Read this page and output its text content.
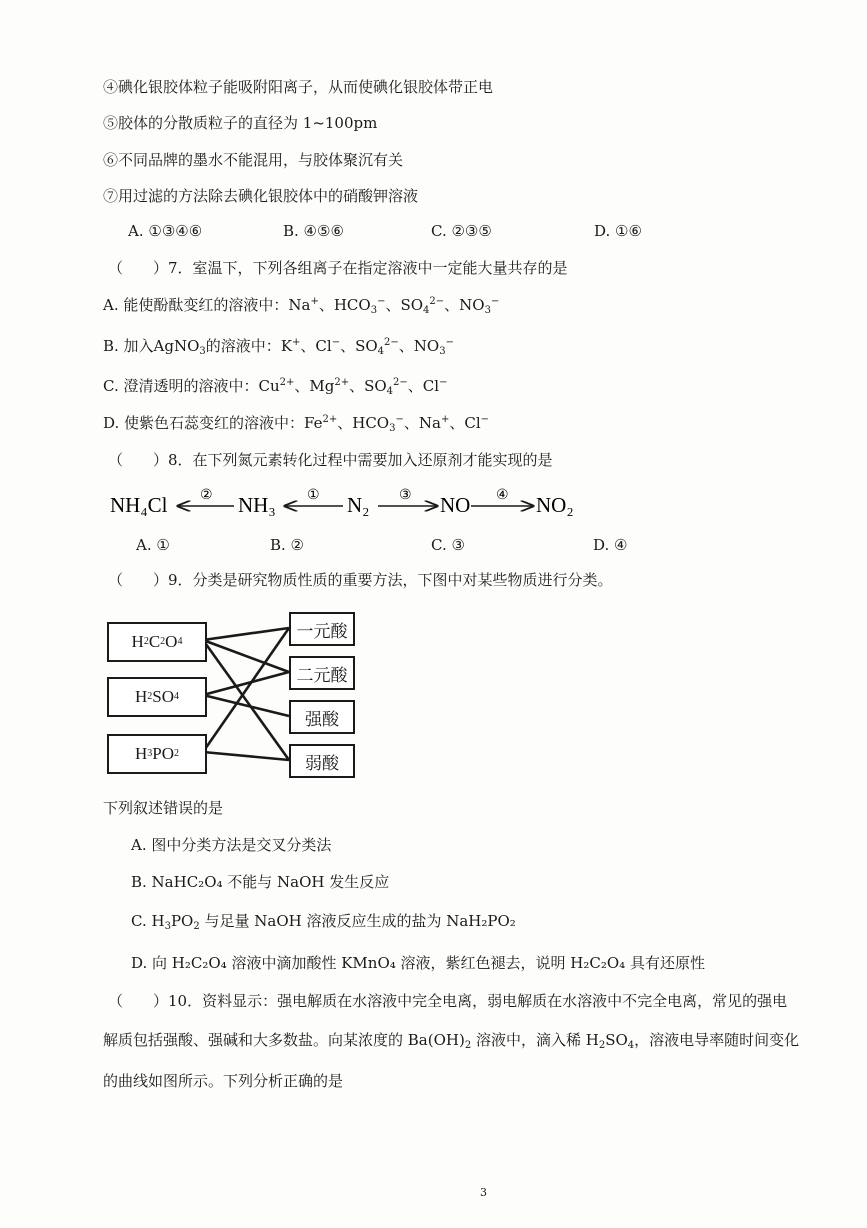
④碘化银胶体粒子能吸附阳离子，从而使碘化银胶体带正电
⑤胶体的分散质粒子的直径为 1~100pm
⑥不同品牌的墨水不能混用，与胶体聚沉有关
⑦用过滤的方法除去碘化银胶体中的硝酸钾溶液
A. ①③④⑥	B. ④⑤⑥	C. ②③⑤	D. ①⑥
（　　）7．室温下，下列各组离子在指定溶液中一定能大量共存的是
A. 能使酚酞变红的溶液中：Na+、$HCO_3^-$、$SO_4^{2-}$、$NO_3^-$
B. 加入AgNO$_3$的溶液中：K+、Cl−、$SO_4^{2-}$、$NO_3^-$
C. 澄清透明的溶液中：$Cu^{2+}$、$Mg^{2+}$、$SO_4^{2-}$、Cl−
D. 使紫色石蕊变红的溶液中：$Fe^{2+}$、$HCO_3^-$、Na+、Cl−
（　　）8．在下列氮元素转化过程中需要加入还原剂才能实现的是
NH₄Cl ② NH₃ ① N₂ ③ NO ④ NO₂
A. ①	B. ②	C. ③	D. ④
（　　）9．分类是研究物质性质的重要方法，下图中对某些物质进行分类。
H 2 C 2 O 4
H 2 SO 4
H 3 PO 2
一元酸
二元酸
强酸
弱酸
下列叙述错误的是
A. 图中分类方法是交叉分类法
B. NaHC₂O₄ 不能与 NaOH 发生反应
C. $H_3PO_2$ 与足量 NaOH 溶液反应生成的盐为 NaH₂PO₂
D. 向 H₂C₂O₄ 溶液中滴加酸性 KMnO₄ 溶液，紫红色褪去，说明 H₂C₂O₄ 具有还原性
（　　）10．资料显示：强电解质在水溶液中完全电离，弱电解质在水溶液中不完全电离，常见的强电
解质包括强酸、强碱和大多数盐。向某浓度的 $Ba(OH)_2$ 溶液中，滴入稀 $H_2SO_4$，溶液电导率随时间变化
的曲线如图所示。下列分析正确的是
3
